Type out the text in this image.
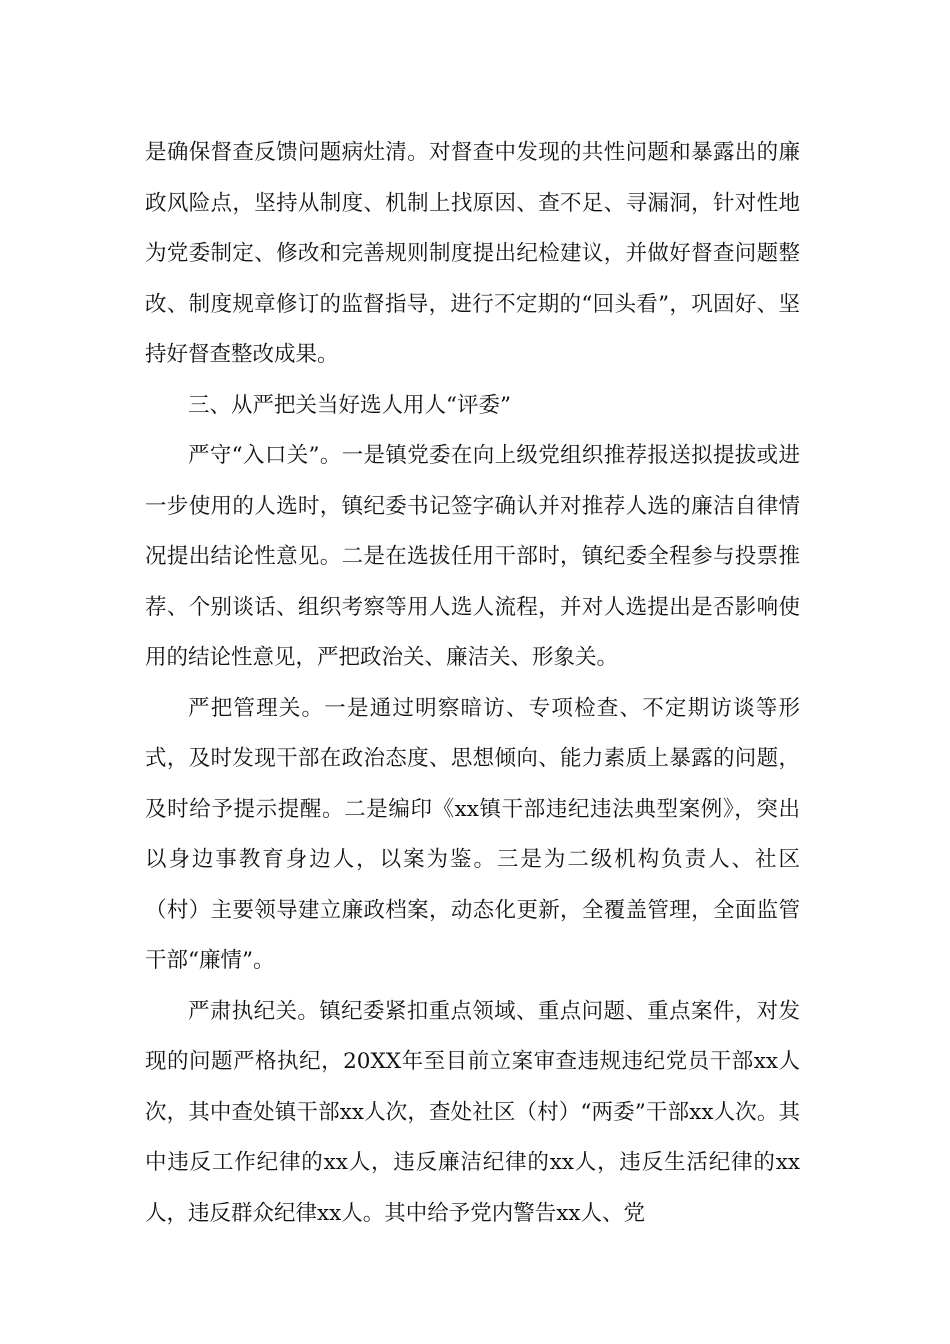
是确保督查反馈问题病灶清。对督查中发现的共性问题和暴露出的廉政风险点，坚持从制度、机制上找原因、查不足、寻漏洞，针对性地为党委制定、修改和完善规则制度提出纪检建议，并做好督查问题整改、制度规章修订的监督指导，进行不定期的“回头看”，巩固好、坚持好督查整改成果。

三、从严把关当好选人用人“评委”

严守“入口关”。一是镇党委在向上级党组织推荐报送拟提拔或进一步使用的人选时，镇纪委书记签字确认并对推荐人选的廉洁自律情况提出结论性意见。二是在选拔任用干部时，镇纪委全程参与投票推荐、个别谈话、组织考察等用人选人流程，并对人选提出是否影响使用的结论性意见，严把政治关、廉洁关、形象关。

严把管理关。一是通过明察暗访、专项检查、不定期访谈等形式，及时发现干部在政治态度、思想倾向、能力素质上暴露的问题，及时给予提示提醒。二是编印《xx镇干部违纪违法典型案例》，突出以身边事教育身边人，以案为鉴。三是为二级机构负责人、社区（村）主要领导建立廉政档案，动态化更新，全覆盖管理，全面监管干部“廉情”。

严肃执纪关。镇纪委紧扣重点领域、重点问题、重点案件，对发现的问题严格执纪，20XX年至目前立案审查违规违纪党员干部xx人次，其中查处镇干部xx人次，查处社区（村）“两委”干部xx人次。其中违反工作纪律的xx人，违反廉洁纪律的xx人，违反生活纪律的xx人，违反群众纪律xx人。其中给予党内警告xx人、党
